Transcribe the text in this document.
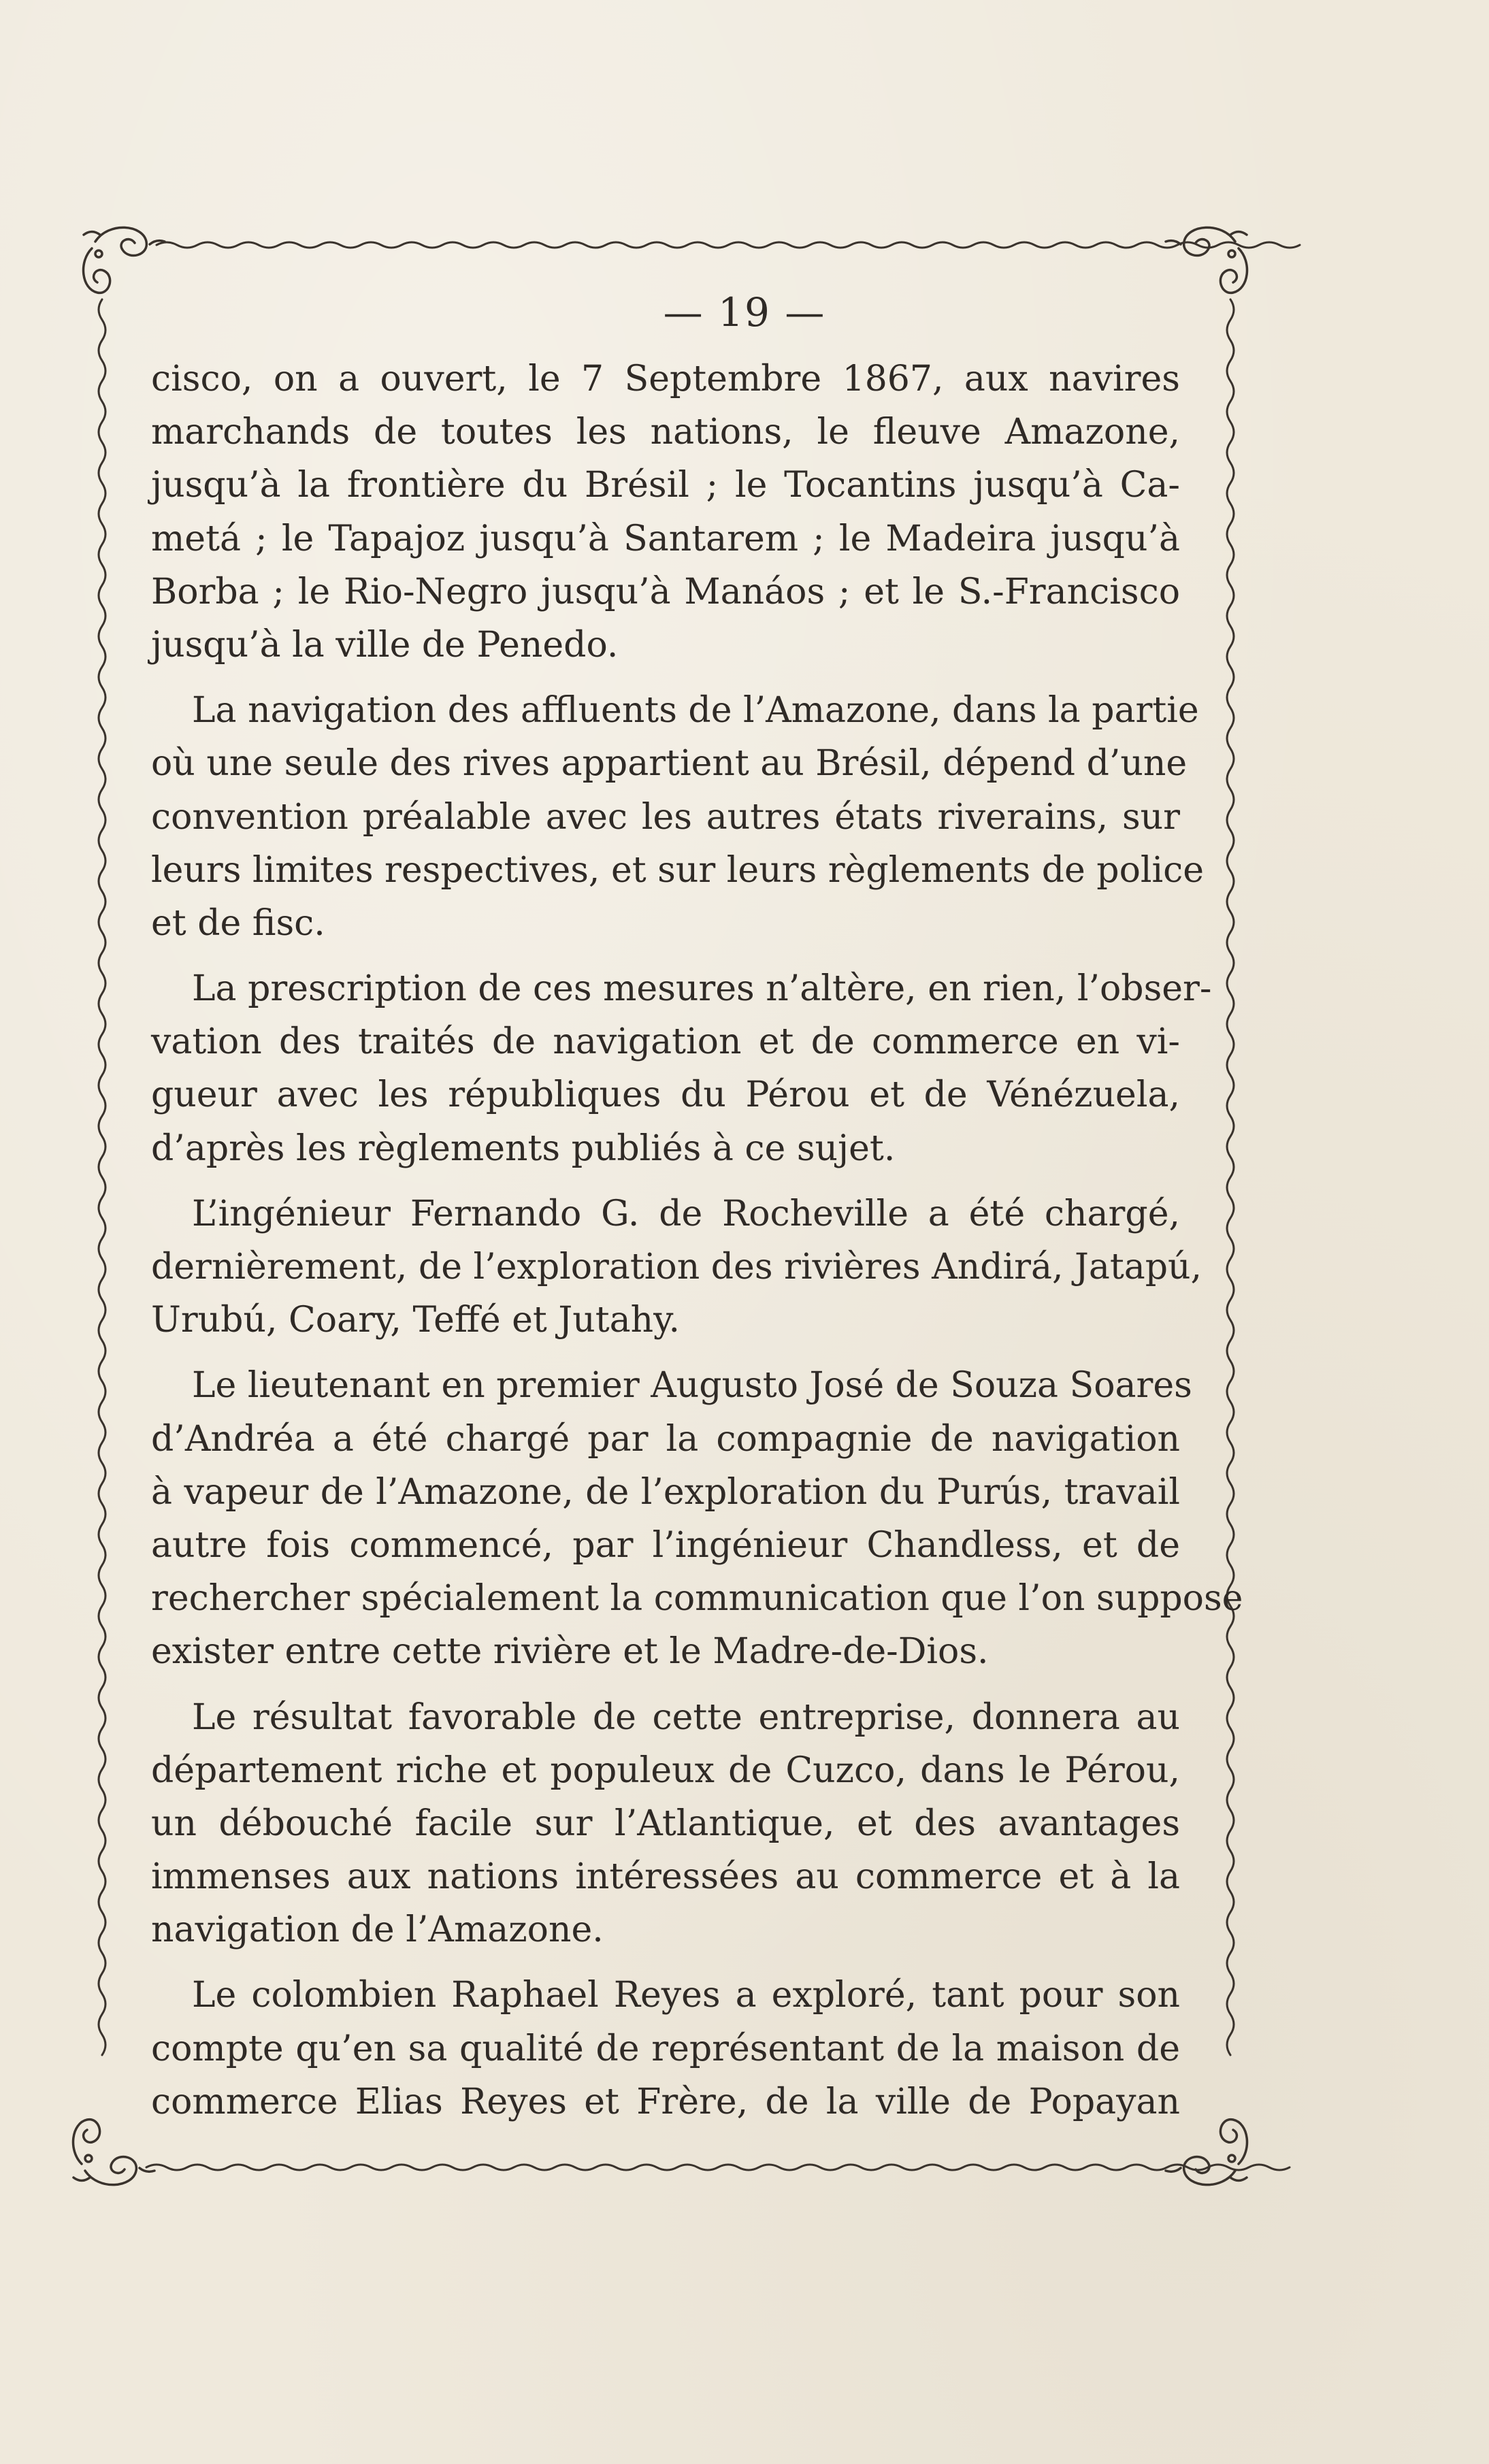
— 19 —
cisco, on a ouvert, le 7 Septembre 1867, aux navires
marchands de toutes les nations, le fleuve Amazone,
jusqu’à la frontière du Brésil ; le Tocantins jusqu’à Ca-
metá ; le Tapajoz jusqu’à Santarem ; le Madeira jusqu’à
Borba ; le Rio-Negro jusqu’à Manáos ; et le S.-Francisco
jusqu’à la ville de Penedo.
La navigation des affluents de l’Amazone, dans la partie
où une seule des rives appartient au Brésil, dépend d’une
convention préalable avec les autres états riverains, sur
leurs limites respectives, et sur leurs règlements de police
et de fisc.
La prescription de ces mesures n’altère, en rien, l’obser-
vation des traités de navigation et de commerce en vi-
gueur avec les républiques du Pérou et de Vénézuela,
d’après les règlements publiés à ce sujet.
L’ingénieur Fernando G. de Rocheville a été chargé,
dernièrement, de l’exploration des rivières Andirá, Jatapú,
Urubú, Coary, Teffé et Jutahy.
Le lieutenant en premier Augusto José de Souza Soares
d’Andréa a été chargé par la compagnie de navigation
à vapeur de l’Amazone, de l’exploration du Purús, travail
autre fois commencé, par l’ingénieur Chandless, et de
rechercher spécialement la communication que l’on suppose
exister entre cette rivière et le Madre-de-Dios.
Le résultat favorable de cette entreprise, donnera au
département riche et populeux de Cuzco, dans le Pérou,
un débouché facile sur l’Atlantique, et des avantages
immenses aux nations intéressées au commerce et à la
navigation de l’Amazone.
Le colombien Raphael Reyes a exploré, tant pour son
compte qu’en sa qualité de représentant de la maison de
commerce Elias Reyes et Frère, de la ville de Popayan
